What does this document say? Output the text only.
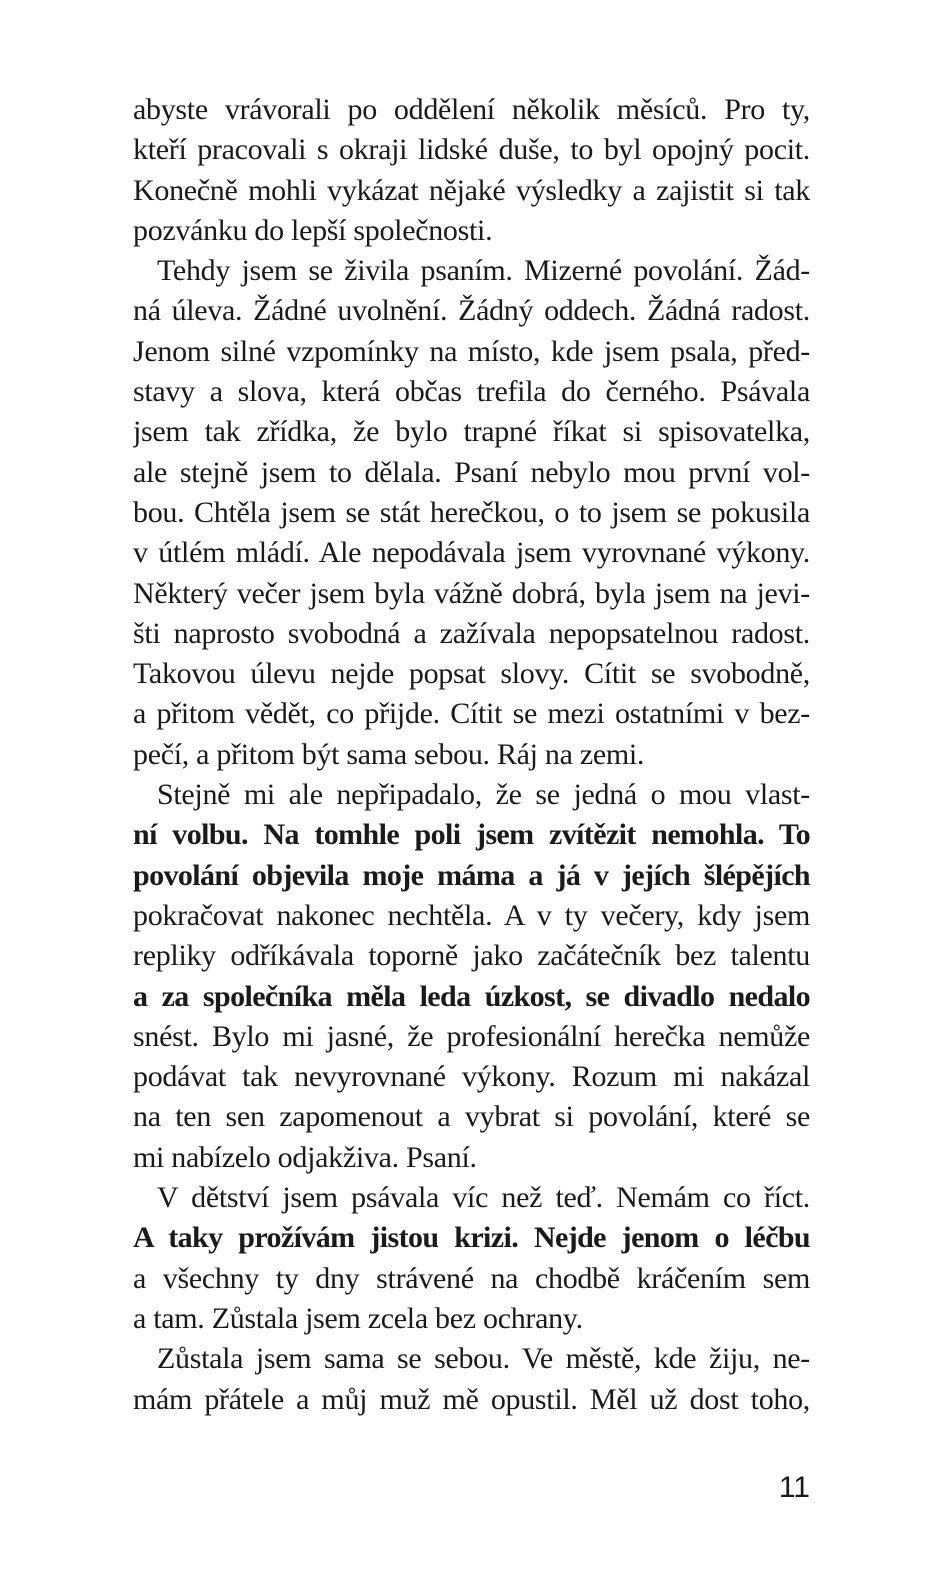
abyste vrávorali po oddělení několik měsíců. Pro ty,
kteří pracovali s okraji lidské duše, to byl opojný pocit.
Konečně mohli vykázat nějaké výsledky a zajistit si tak
pozvánku do lepší společnosti.
Tehdy jsem se živila psaním. Mizerné povolání. Žád-
ná úleva. Žádné uvolnění. Žádný oddech. Žádná radost.
Jenom silné vzpomínky na místo, kde jsem psala, před-
stavy a slova, která občas trefila do černého. Psávala
jsem tak zřídka, že bylo trapné říkat si spisovatelka,
ale stejně jsem to dělala. Psaní nebylo mou první vol-
bou. Chtěla jsem se stát herečkou, o to jsem se pokusila
v útlém mládí. Ale nepodávala jsem vyrovnané výkony.
Některý večer jsem byla vážně dobrá, byla jsem na jevi-
šti naprosto svobodná a zažívala nepopsatelnou radost.
Takovou úlevu nejde popsat slovy. Cítit se svobodně,
a přitom vědět, co přijde. Cítit se mezi ostatními v bez-
pečí, a přitom být sama sebou. Ráj na zemi.
Stejně mi ale nepřipadalo, že se jedná o mou vlast-
ní volbu. Na tomhle poli jsem zvítězit nemohla. To
povolání objevila moje máma a já v jejích šlépějích
pokračovat nakonec nechtěla. A v ty večery, kdy jsem
repliky odříkávala toporně jako začátečník bez talentu
a za společníka měla leda úzkost, se divadlo nedalo
snést. Bylo mi jasné, že profesionální herečka nemůže
podávat tak nevyrovnané výkony. Rozum mi nakázal
na ten sen zapomenout a vybrat si povolání, které se
mi nabízelo odjakživa. Psaní.
V dětství jsem psávala víc než teď. Nemám co říct.
A taky prožívám jistou krizi. Nejde jenom o léčbu
a všechny ty dny strávené na chodbě kráčením sem
a tam. Zůstala jsem zcela bez ochrany.
Zůstala jsem sama se sebou. Ve městě, kde žiju, ne-
mám přátele a můj muž mě opustil. Měl už dost toho,
11
